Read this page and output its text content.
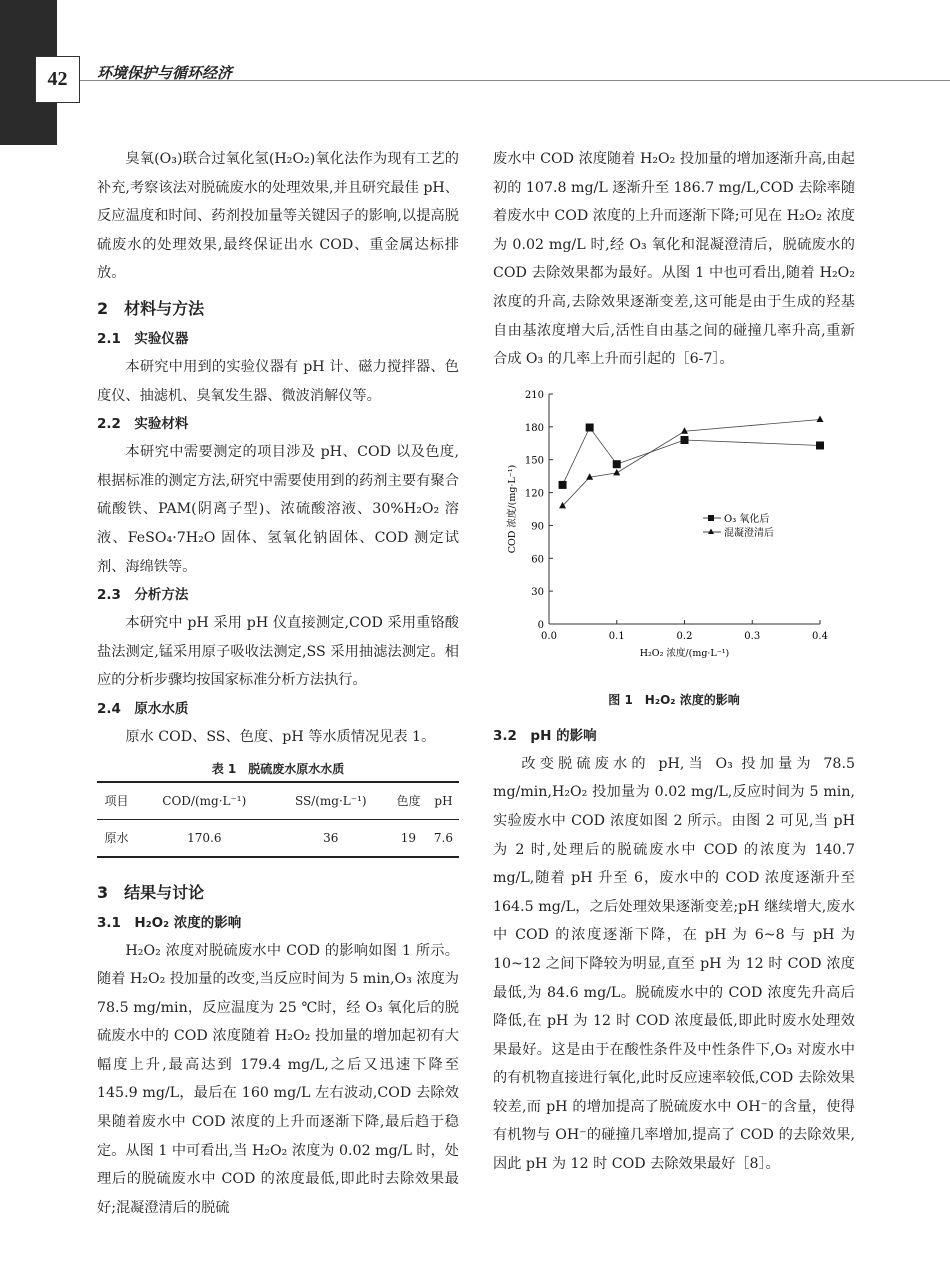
42	环境保护与循环经济

臭氧(O₃)联合过氧化氢(H₂O₂)氧化法作为现有工艺的补充,考察该法对脱硫废水的处理效果,并且研究最佳 pH、反应温度和时间、药剂投加量等关键因子的影响,以提高脱硫废水的处理效果,最终保证出水 COD、重金属达标排放。

2　材料与方法
2.1　实验仪器

本研究中用到的实验仪器有 pH 计、磁力搅拌器、色度仪、抽滤机、臭氧发生器、微波消解仪等。

2.2　实验材料

本研究中需要测定的项目涉及 pH、COD 以及色度,根据标准的测定方法,研究中需要使用到的药剂主要有聚合硫酸铁、PAM(阴离子型)、浓硫酸溶液、30%H₂O₂ 溶液、FeSO₄·7H₂O 固体、氢氧化钠固体、COD 测定试剂、海绵铁等。

2.3　分析方法

本研究中 pH 采用 pH 仪直接测定,COD 采用重铬酸盐法测定,锰采用原子吸收法测定,SS 采用抽滤法测定。相应的分析步骤均按国家标准分析方法执行。

2.4　原水水质

原水 COD、SS、色度、pH 等水质情况见表 1。

表 1　脱硫废水原水水质
项目	COD/(mg·L⁻¹)	SS/(mg·L⁻¹)	色度	pH
原水	170.6	36	19	7.6
3　结果与讨论
3.1　H₂O₂ 浓度的影响

H₂O₂ 浓度对脱硫废水中 COD 的影响如图 1 所示。随着 H₂O₂ 投加量的改变,当反应时间为 5 min,O₃ 浓度为 78.5 mg/min，反应温度为 25 ℃时，经 O₃ 氧化后的脱硫废水中的 COD 浓度随着 H₂O₂ 投加量的增加起初有大幅度上升,最高达到 179.4 mg/L,之后又迅速下降至 145.9 mg/L，最后在 160 mg/L 左右波动,COD 去除效果随着废水中 COD 浓度的上升而逐渐下降,最后趋于稳定。从图 1 中可看出,当 H₂O₂ 浓度为 0.02 mg/L 时，处理后的脱硫废水中 COD 的浓度最低,即此时去除效果最好;混凝澄清后的脱硫

废水中 COD 浓度随着 H₂O₂ 投加量的增加逐渐升高,由起初的 107.8 mg/L 逐渐升至 186.7 mg/L,COD 去除率随着废水中 COD 浓度的上升而逐渐下降;可见在 H₂O₂ 浓度为 0.02 mg/L 时,经 O₃ 氧化和混凝澄清后，脱硫废水的 COD 去除效果都为最好。从图 1 中也可看出,随着 H₂O₂ 浓度的升高,去除效果逐渐变差,这可能是由于生成的羟基自由基浓度增大后,活性自由基之间的碰撞几率升高,重新合成 O₃ 的几率上升而引起的［6-7］。

0
30
60
90
120
150
180
210
0.0	0.1	0.2	0.3	0.4
H₂O₂ 浓度/(mg·L⁻¹)
COD 浓度/(mg·L⁻¹)	O₃ 氧化后
混凝澄清后
图 1　H₂O₂ 浓度的影响
3.2　pH 的影响

改变脱硫废水的 pH,当 O₃ 投加量为 78.5 mg/min,H₂O₂ 投加量为 0.02 mg/L,反应时间为 5 min,实验废水中 COD 浓度如图 2 所示。由图 2 可见,当 pH 为 2 时,处理后的脱硫废水中 COD 的浓度为 140.7 mg/L,随着 pH 升至 6，废水中的 COD 浓度逐渐升至 164.5 mg/L，之后处理效果逐渐变差;pH 继续增大,废水中 COD 的浓度逐渐下降，在 pH 为 6~8 与 pH 为 10~12 之间下降较为明显,直至 pH 为 12 时 COD 浓度最低,为 84.6 mg/L。脱硫废水中的 COD 浓度先升高后降低,在 pH 为 12 时 COD 浓度最低,即此时废水处理效果最好。这是由于在酸性条件及中性条件下,O₃ 对废水中的有机物直接进行氧化,此时反应速率较低,COD 去除效果较差,而 pH 的增加提高了脱硫废水中 OH⁻的含量，使得有机物与 OH⁻的碰撞几率增加,提高了 COD 的去除效果,因此 pH 为 12 时 COD 去除效果最好［8］。
